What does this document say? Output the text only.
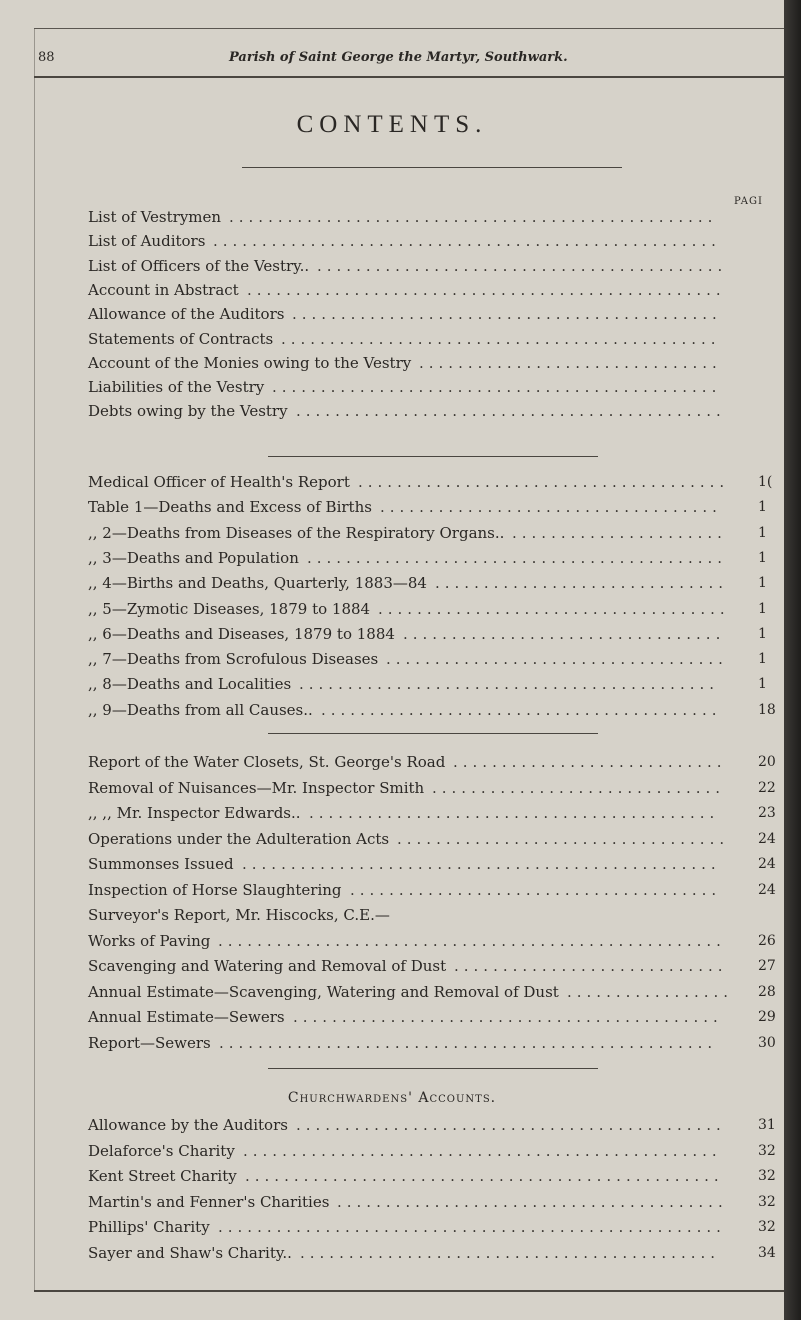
88	Parish of Saint George the Martyr, Southwark.
CONTENTS.
PAGI
List of Vestrymen ..................................................
List of Auditors ....................................................
List of Officers of the Vestry.. ..........................................
Account in Abstract .................................................
Allowance of the Auditors ............................................
Statements of Contracts .............................................
Account of the Monies owing to the Vestry ...............................
Liabilities of the Vestry ..............................................
Debts owing by the Vestry ............................................
Medical Officer of Health's Report ......................................	1(
Table 1—Deaths and Excess of Births ...................................	1
,, 2—Deaths from Diseases of the Respiratory Organs.. ......................	1
,, 3—Deaths and Population ...........................................	1
,, 4—Births and Deaths, Quarterly, 1883—84 ..............................	1
,, 5—Zymotic Diseases, 1879 to 1884 ....................................	1
,, 6—Deaths and Diseases, 1879 to 1884 .................................	1
,, 7—Deaths from Scrofulous Diseases ...................................	1
,, 8—Deaths and Localities ...........................................	1
,, 9—Deaths from all Causes.. .........................................	18
Report of the Water Closets, St. George's Road ............................	20
Removal of Nuisances—Mr. Inspector Smith ..............................	22
,, ,, Mr. Inspector Edwards.. ..........................................	23
Operations under the Adulteration Acts ..................................	24
Summonses Issued .................................................	24
Inspection of Horse Slaughtering ......................................	24
Surveyor's Report, Mr. Hiscocks, C.E.—
Works of Paving ....................................................	26
Scavenging and Watering and Removal of Dust ............................	27
Annual Estimate—Scavenging, Watering and Removal of Dust .................	28
Annual Estimate—Sewers ............................................	29
Report—Sewers ...................................................	30
Churchwardens' Accounts.
Allowance by the Auditors ............................................	31
Delaforce's Charity .................................................	32
Kent Street Charity .................................................	32
Martin's and Fenner's Charities ........................................	32
Phillips' Charity ....................................................	32
Sayer and Shaw's Charity.. ...........................................	34
